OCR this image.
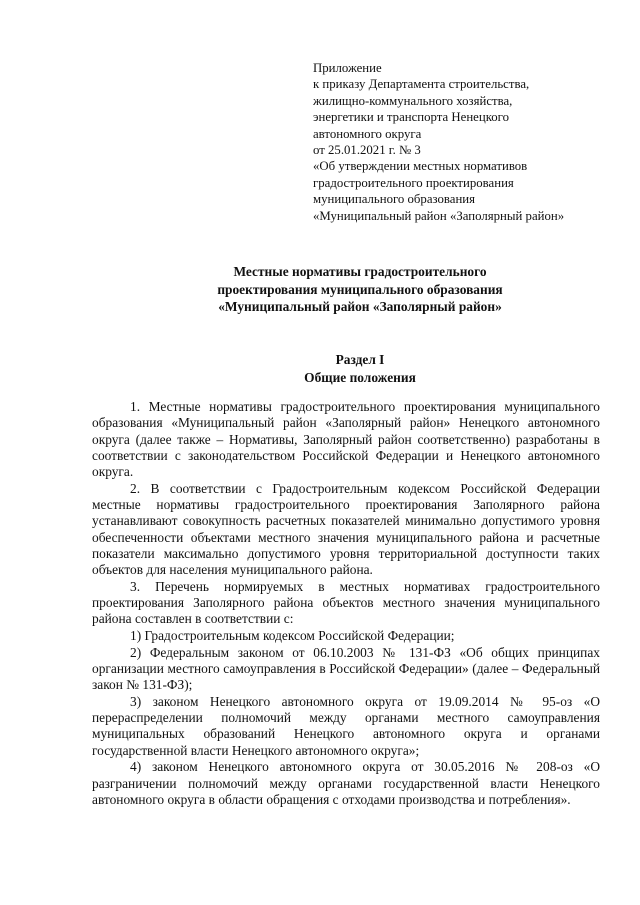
Приложение
к приказу Департамента строительства,
жилищно-коммунального хозяйства,
энергетики и транспорта Ненецкого
автономного округа
от 25.01.2021 г. № 3
«Об утверждении местных нормативов
градостроительного проектирования
муниципального образования
«Муниципальный район «Заполярный район»
Местные нормативы градостроительного
проектирования муниципального образования
«Муниципальный район «Заполярный район»
Раздел I
Общие положения

1. Местные нормативы градостроительного проектирования муниципального образования «Муниципальный район «Заполярный район» Ненецкого автономного округа (далее также – Нормативы, Заполярный район соответственно) разработаны в соответствии с законодательством Российской Федерации и Ненецкого автономного округа.

2. В соответствии с Градостроительным кодексом Российской Федерации местные нормативы градостроительного проектирования Заполярного района устанавливают совокупность расчетных показателей минимально допустимого уровня обеспеченности объектами местного значения муниципального района и расчетные показатели максимально допустимого уровня территориальной доступности таких объектов для населения муниципального района.

3. Перечень нормируемых в местных нормативах градостроительного проектирования Заполярного района объектов местного значения муниципального района составлен в соответствии с:

1) Градостроительным кодексом Российской Федерации;

2) Федеральным законом от 06.10.2003 № 131-ФЗ «Об общих принципах организации местного самоуправления в Российской Федерации» (далее – Федеральный закон № 131-ФЗ);

3) законом Ненецкого автономного округа от 19.09.2014 № 95-оз «О перераспределении полномочий между органами местного самоуправления муниципальных образований Ненецкого автономного округа и органами государственной власти Ненецкого автономного округа»;

4) законом Ненецкого автономного округа от 30.05.2016 № 208-оз «О разграничении полномочий между органами государственной власти Ненецкого автономного округа в области обращения с отходами производства и потребления».
